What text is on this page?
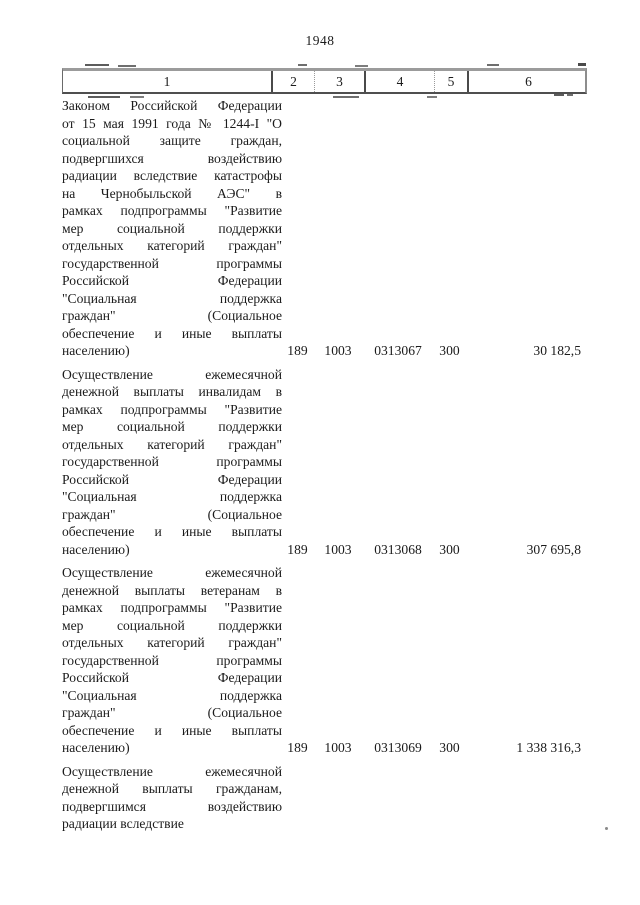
1948
1	2	3	4	5	6
Законом Российской Федерации
от 15 мая 1991 года № 1244-I "О
социальной защите граждан,
подвергшихся воздействию
радиации вследствие катастрофы
на Чернобыльской АЭС" в
рамках подпрограммы "Развитие
мер социальной поддержки
отдельных категорий граждан"
государственной программы
Российской Федерации
"Социальная поддержка
граждан" (Социальное
обеспечение и иные выплаты
населению)	189	1003	0313067	300	30 182,5
Осуществление ежемесячной
денежной выплаты инвалидам в
рамках подпрограммы "Развитие
мер социальной поддержки
отдельных категорий граждан"
государственной программы
Российской Федерации
"Социальная поддержка
граждан" (Социальное
обеспечение и иные выплаты
населению)	189	1003	0313068	300	307 695,8
Осуществление ежемесячной
денежной выплаты ветеранам в
рамках подпрограммы "Развитие
мер социальной поддержки
отдельных категорий граждан"
государственной программы
Российской Федерации
"Социальная поддержка
граждан" (Социальное
обеспечение и иные выплаты
населению)	189	1003	0313069	300	1 338 316,3
Осуществление ежемесячной
денежной выплаты гражданам,
подвергшимся воздействию
радиации вследствие
